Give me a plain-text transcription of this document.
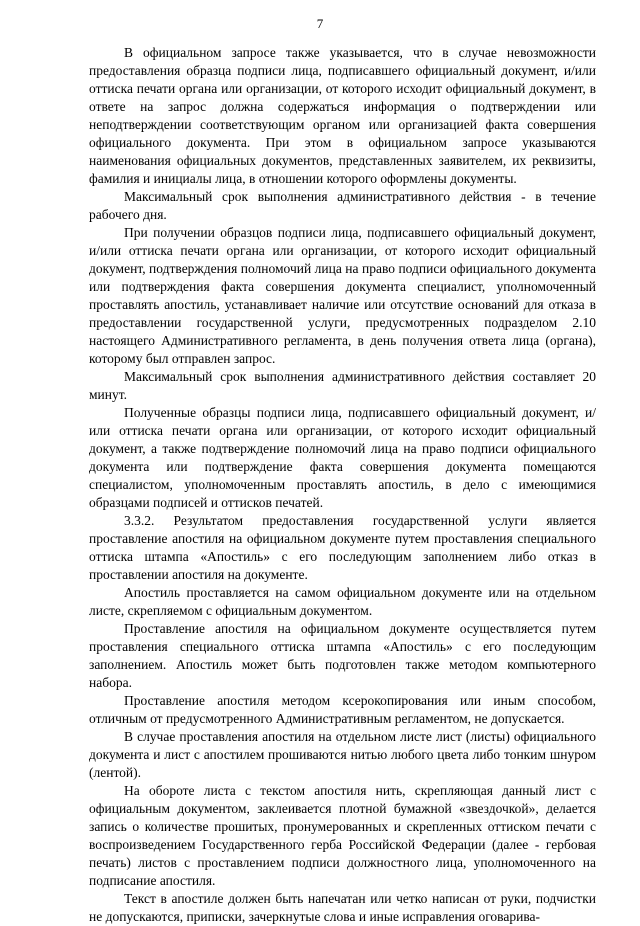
7

В официальном запросе также указывается, что в случае невозможности предоставления образца подписи лица, подписавшего официальный документ, и/или оттиска печати органа или организации, от которого исходит официальный документ, в ответе на запрос должна содержаться информация о подтверждении или неподтверждении соответствующим органом или организацией факта совершения официального документа. При этом в официальном запросе указываются наименования официальных документов, представленных заявителем, их реквизиты, фамилия и инициалы лица, в отношении которого оформлены документы.

Максимальный срок выполнения административного действия - в течение рабочего дня.

При получении образцов подписи лица, подписавшего официальный документ, и/или оттиска печати органа или организации, от которого исходит официальный документ, подтверждения полномочий лица на право подписи официального документа или подтверждения факта совершения документа специалист, уполномоченный проставлять апостиль, устанавливает наличие или отсутствие оснований для отказа в предоставлении государственной услуги, предусмотренных подразделом 2.10 настоящего Административного регламента, в день получения ответа лица (органа), которому был отправлен запрос.

Максимальный срок выполнения административного действия составляет 20 минут.

Полученные образцы подписи лица, подписавшего официальный документ, и/или оттиска печати органа или организации, от которого исходит официальный документ, а также подтверждение полномочий лица на право подписи официального документа или подтверждение факта совершения документа помещаются специалистом, уполномоченным проставлять апостиль, в дело с имеющимися образцами подписей и оттисков печатей.

3.3.2. Результатом предоставления государственной услуги является проставление апостиля на официальном документе путем проставления специального оттиска штампа «Апостиль» с его последующим заполнением либо отказ в проставлении апостиля на документе.

Апостиль проставляется на самом официальном документе или на отдельном листе, скрепляемом с официальным документом.

Проставление апостиля на официальном документе осуществляется путем проставления специального оттиска штампа «Апостиль» с его последующим заполнением. Апостиль может быть подготовлен также методом компьютерного набора.

Проставление апостиля методом ксерокопирования или иным способом, отличным от предусмотренного Административным регламентом, не допускается.

В случае проставления апостиля на отдельном листе лист (листы) официального документа и лист с апостилем прошиваются нитью любого цвета либо тонким шнуром (лентой).

На обороте листа с текстом апостиля нить, скрепляющая данный лист с официальным документом, заклеивается плотной бумажной «звездочкой», делается запись о количестве прошитых, пронумерованных и скрепленных оттиском печати с воспроизведением Государственного герба Российской Федерации (далее - гербовая печать) листов с проставлением подписи должностного лица, уполномоченного на подписание апостиля.

Текст в апостиле должен быть напечатан или четко написан от руки, подчистки не допускаются, приписки, зачеркнутые слова и иные исправления оговарива-
